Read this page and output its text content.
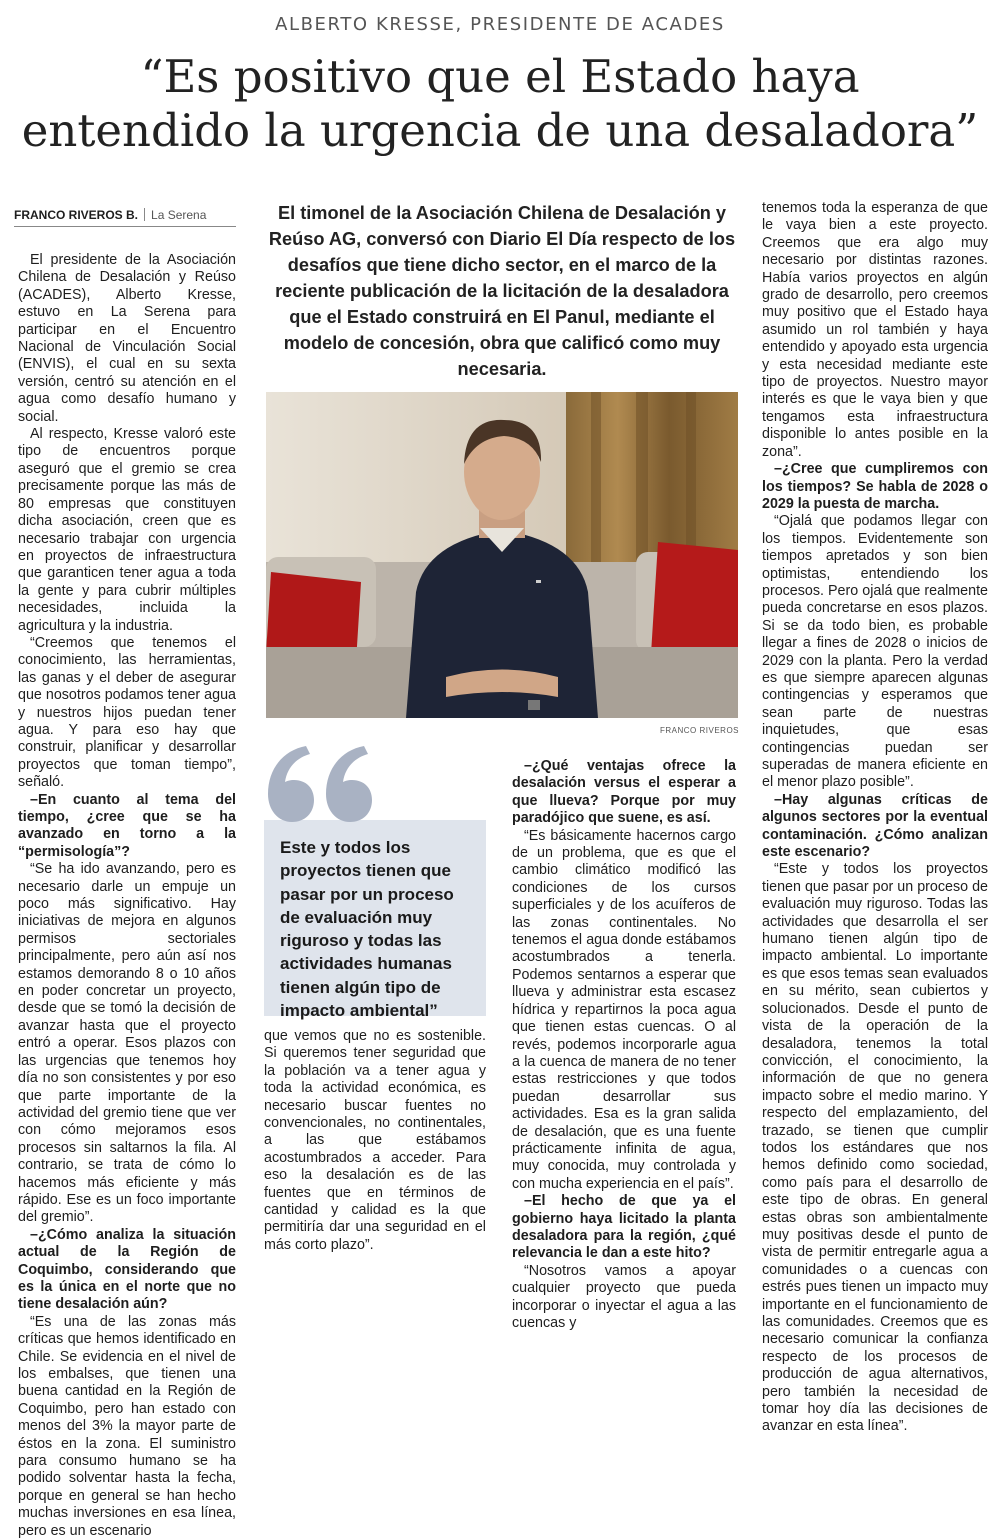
ALBERTO KRESSE, PRESIDENTE DE ACADES
“Es positivo que el Estado haya
entendido la urgencia de una desaladora”
FRANCO RIVEROS B. La Serena	El timonel de la Asociación Chilena de Desalación y Reúso AG, conversó con Diario El Día respecto de los desafíos que tiene dicho sector, en el marco de la reciente publicación de la licitación de la desaladora que el Estado construirá en El Panul, mediante el modelo de concesión, obra que calificó como muy necesaria.
FRANCO RIVEROS
Este y todos los proyectos tienen que pasar por un proceso de evaluación muy riguroso y todas las actividades humanas tienen algún tipo de impacto ambiental”

El presidente de la Asociación Chilena de Desalación y Reúso (ACADES), Alberto Kresse, estuvo en La Serena para participar en el Encuentro Nacional de Vinculación Social (ENVIS), el cual en su sexta versión, centró su atención en el agua como desafío humano y social.

Al respecto, Kresse valoró este tipo de encuentros porque aseguró que el gremio se crea precisamente porque las más de 80 empresas que constituyen dicha asociación, creen que es necesario trabajar con urgencia en proyectos de infraestructura que garanticen tener agua a toda la gente y para cubrir múltiples necesidades, incluida la agricultura y la industria.

“Creemos que tenemos el conocimiento, las herramientas, las ganas y el deber de asegurar que nosotros podamos tener agua y nuestros hijos puedan tener agua. Y para eso hay que construir, planificar y desarrollar proyectos que toman tiempo”, señaló.

–En cuanto al tema del tiempo, ¿cree que se ha avanzado en torno a la “permisología”?

“Se ha ido avanzando, pero es necesario darle un empuje un poco más significativo. Hay iniciativas de mejora en algunos permisos sectoriales principalmente, pero aún así nos estamos demorando 8 o 10 años en poder concretar un proyecto, desde que se tomó la decisión de avanzar hasta que el proyecto entró a operar. Esos plazos con las urgencias que tenemos hoy día no son consistentes y por eso que parte importante de la actividad del gremio tiene que ver con cómo mejoramos esos procesos sin saltarnos la fila. Al contrario, se trata de cómo lo hacemos más eficiente y más rápido. Ese es un foco importante del gremio”.

–¿Cómo analiza la situación actual de la Región de Coquimbo, considerando que es la única en el norte que no tiene desalación aún?

“Es una de las zonas más críticas que hemos identificado en Chile. Se evidencia en el nivel de los embalses, que tienen una buena cantidad en la Región de Coquimbo, pero han estado con menos del 3% la mayor parte de éstos en la zona. El suministro para consumo humano se ha podido solventar hasta la fecha, porque en general se han hecho muchas inversiones en esa línea, pero es un escenario

que vemos que no es sostenible. Si queremos tener seguridad que la población va a tener agua y toda la actividad económica, es necesario buscar fuentes no convencionales, no continentales, a las que estábamos acostumbrados a acceder. Para eso la desalación es de las fuentes que en términos de cantidad y calidad es la que permitiría dar una seguridad en el más corto plazo”.

–¿Qué ventajas ofrece la desalación versus el esperar a que llueva? Porque por muy paradójico que suene, es así.

“Es básicamente hacernos cargo de un problema, que es que el cambio climático modificó las condiciones de los cursos superficiales y de los acuíferos de las zonas continentales. No tenemos el agua donde estábamos acostumbrados a tenerla. Podemos sentarnos a esperar que llueva y administrar esta escasez hídrica y repartirnos la poca agua que tienen estas cuencas. O al revés, podemos incorporarle agua a la cuenca de manera de no tener estas restricciones y que todos puedan desarrollar sus actividades. Esa es la gran salida de desalación, que es una fuente prácticamente infinita de agua, muy conocida, muy controlada y con mucha experiencia en el país”.

–El hecho de que ya el gobierno haya licitado la planta desaladora para la región, ¿qué relevancia le dan a este hito?

“Nosotros vamos a apoyar cualquier proyecto que pueda incorporar o inyectar el agua a las cuencas y

tenemos toda la esperanza de que le vaya bien a este proyecto. Creemos que era algo muy necesario por distintas razones. Había varios proyectos en algún grado de desarrollo, pero creemos muy positivo que el Estado haya asumido un rol también y haya entendido y apoyado esta urgencia y esta necesidad mediante este tipo de proyectos. Nuestro mayor interés es que le vaya bien y que tengamos esta infraestructura disponible lo antes posible en la zona”.

–¿Cree que cumpliremos con los tiempos? Se habla de 2028 o 2029 la puesta de marcha.

“Ojalá que podamos llegar con los tiempos. Evidentemente son tiempos apretados y son bien optimistas, entendiendo los procesos. Pero ojalá que realmente pueda concretarse en esos plazos. Si se da todo bien, es probable llegar a fines de 2028 o inicios de 2029 con la planta. Pero la verdad es que siempre aparecen algunas contingencias y esperamos que sean parte de nuestras inquietudes, que esas contingencias puedan ser superadas de manera eficiente en el menor plazo posible”.

–Hay algunas críticas de algunos sectores por la eventual contaminación. ¿Cómo analizan este escenario?

“Este y todos los proyectos tienen que pasar por un proceso de evaluación muy riguroso. Todas las actividades que desarrolla el ser humano tienen algún tipo de impacto ambiental. Lo importante es que esos temas sean evaluados en su mérito, sean cubiertos y solucionados. Desde el punto de vista de la operación de la desaladora, tenemos la total convicción, el conocimiento, la información de que no genera impacto sobre el medio marino. Y respecto del emplazamiento, del trazado, se tienen que cumplir todos los estándares que nos hemos definido como sociedad, como país para el desarrollo de este tipo de obras. En general estas obras son ambientalmente muy positivas desde el punto de vista de permitir entregarle agua a comunidades o a cuencas con estrés pues tienen un impacto muy importante en el funcionamiento de las comunidades. Creemos que es necesario comunicar la confianza respecto de los procesos de producción de agua alternativos, pero también la necesidad de tomar hoy día las decisiones de avanzar en esta línea”.
